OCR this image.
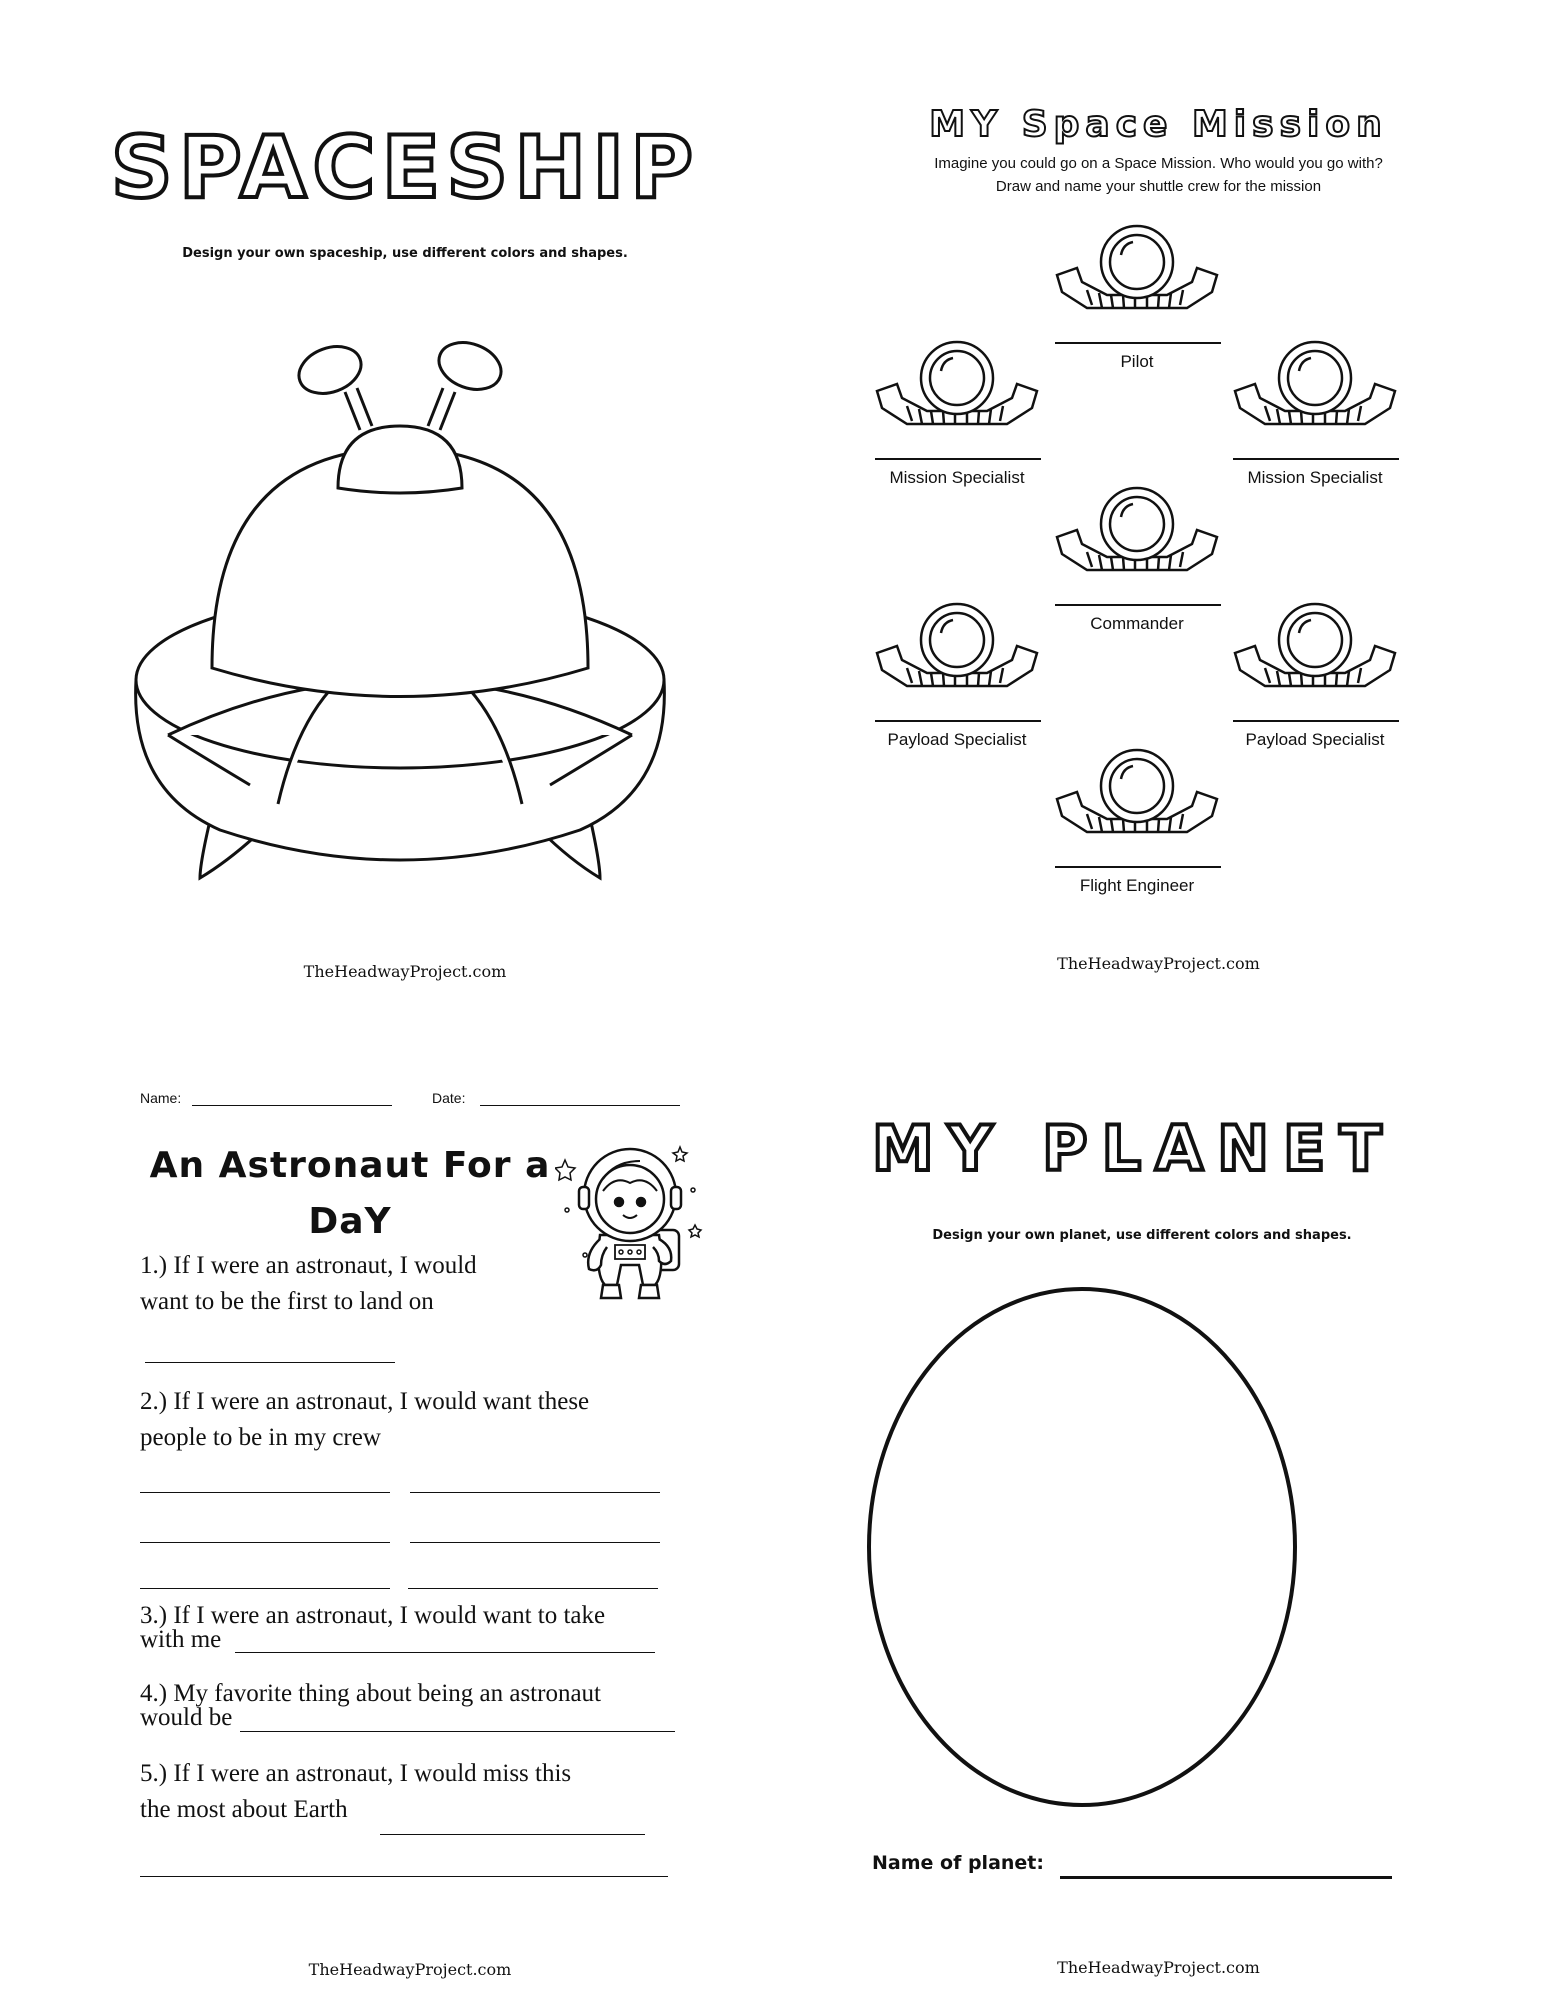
SPACESHIP
Design your own spaceship, use different colors and shapes.
TheHeadwayProject.com
MY Space Mission
Imagine you could go on a Space Mission. Who would you go with?
Draw and name your shuttle crew for the mission
Pilot
Mission Specialist	Mission Specialist
Commander
Payload Specialist	Payload Specialist
Flight Engineer
TheHeadwayProject.com
Name:	Date:
An Astronaut For a
DaY

1.) If I were an astronaut, I would

want to be the first to land on

2.) If I were an astronaut, I would want these

people to be in my crew

3.) If I were an astronaut, I would want to take

with me

4.) My favorite thing about being an astronaut

would be

5.) If I were an astronaut, I would miss this

the most about Earth

TheHeadwayProject.com
MY PLANET
Design your own planet, use different colors and shapes.
Name of planet:
TheHeadwayProject.com
